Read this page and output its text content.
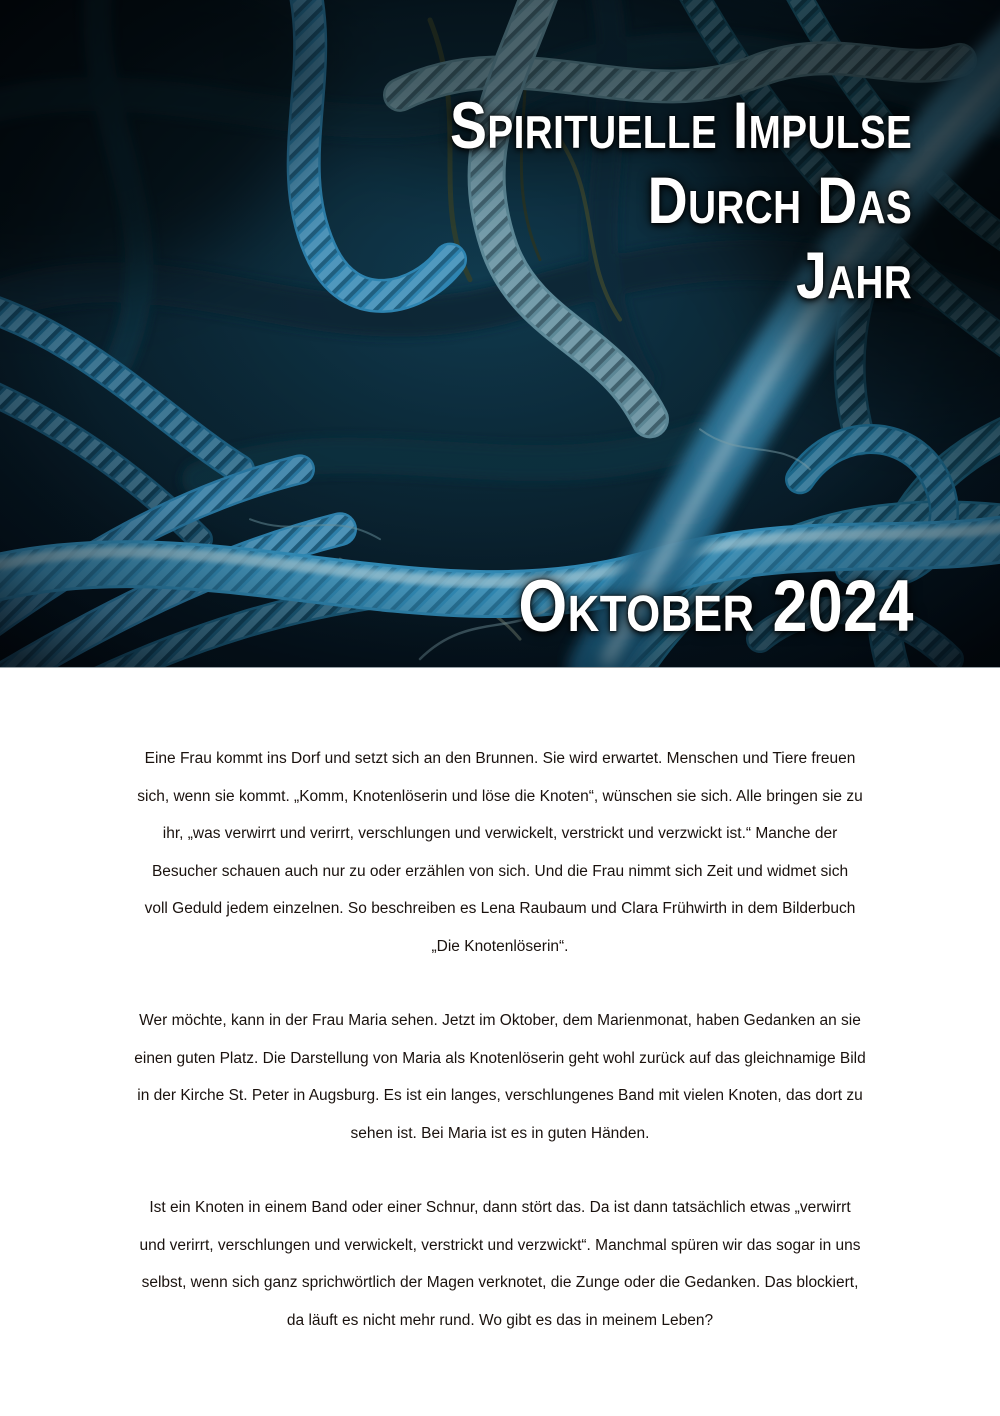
Spirituelle Impulse
Durch Das
Jahr
Oktober 2024
Eine Frau kommt ins Dorf und setzt sich an den Brunnen. Sie wird erwartet. Menschen und Tiere freuen
sich, wenn sie kommt. „Komm, Knotenlöserin und löse die Knoten“, wünschen sie sich. Alle bringen sie zu
ihr, „was verwirrt und verirrt, verschlungen und verwickelt, verstrickt und verzwickt ist.“ Manche der
Besucher schauen auch nur zu oder erzählen von sich. Und die Frau nimmt sich Zeit und widmet sich
voll Geduld jedem einzelnen. So beschreiben es Lena Raubaum und Clara Frühwirth in dem Bilderbuch
„Die Knotenlöserin“.
Wer möchte, kann in der Frau Maria sehen. Jetzt im Oktober, dem Marienmonat, haben Gedanken an sie
einen guten Platz. Die Darstellung von Maria als Knotenlöserin geht wohl zurück auf das gleichnamige Bild
in der Kirche St. Peter in Augsburg. Es ist ein langes, verschlungenes Band mit vielen Knoten, das dort zu
sehen ist. Bei Maria ist es in guten Händen.
Ist ein Knoten in einem Band oder einer Schnur, dann stört das. Da ist dann tatsächlich etwas „verwirrt
und verirrt, verschlungen und verwickelt, verstrickt und verzwickt“. Manchmal spüren wir das sogar in uns
selbst, wenn sich ganz sprichwörtlich der Magen verknotet, die Zunge oder die Gedanken. Das blockiert,
da läuft es nicht mehr rund. Wo gibt es das in meinem Leben?
